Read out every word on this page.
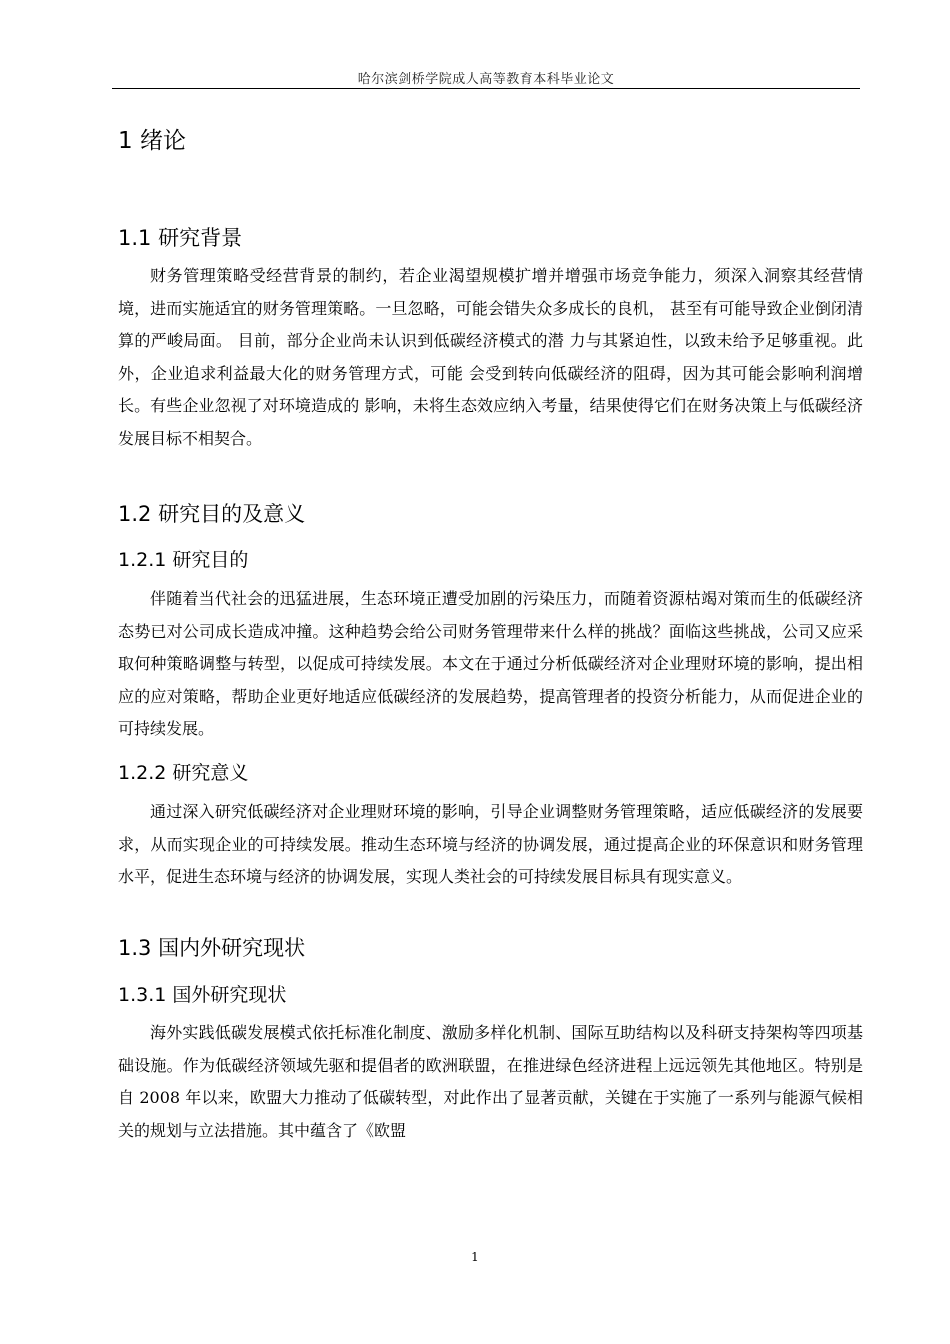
哈尔滨剑桥学院成人高等教育本科毕业论文
1 绪论
1.1 研究背景
财务管理策略受经营背景的制约，若企业渴望规模扩增并增强市场竞争能力，须深入洞察其经营情境，进而实施适宜的财务管理策略。一旦忽略，可能会错失众多成长的良机， 甚至有可能导致企业倒闭清算的严峻局面。 目前，部分企业尚未认识到低碳经济模式的潜 力与其紧迫性，以致未给予足够重视。此外，企业追求利益最大化的财务管理方式，可能 会受到转向低碳经济的阻碍，因为其可能会影响利润增长。有些企业忽视了对环境造成的 影响，未将生态效应纳入考量，结果使得它们在财务决策上与低碳经济发展目标不相契合。
1.2 研究目的及意义
1.2.1 研究目的
伴随着当代社会的迅猛进展，生态环境正遭受加剧的污染压力，而随着资源枯竭对策而生的低碳经济态势已对公司成长造成冲撞。这种趋势会给公司财务管理带来什么样的挑战？面临这些挑战，公司又应采取何种策略调整与转型，以促成可持续发展。本文在于通过分析低碳经济对企业理财环境的影响，提出相应的应对策略，帮助企业更好地适应低碳经济的发展趋势，提高管理者的投资分析能力，从而促进企业的可持续发展。
1.2.2 研究意义
通过深入研究低碳经济对企业理财环境的影响，引导企业调整财务管理策略，适应低碳经济的发展要求，从而实现企业的可持续发展。推动生态环境与经济的协调发展，通过提高企业的环保意识和财务管理水平，促进生态环境与经济的协调发展，实现人类社会的可持续发展目标具有现实意义。
1.3 国内外研究现状
1.3.1 国外研究现状
海外实践低碳发展模式依托标准化制度、激励多样化机制、国际互助结构以及科研支持架构等四项基础设施。作为低碳经济领域先驱和提倡者的欧洲联盟，在推进绿色经济进程上远远领先其他地区。特别是自 2008 年以来，欧盟大力推动了低碳转型，对此作出了显著贡献，关键在于实施了一系列与能源气候相关的规划与立法措施。其中蕴含了《欧盟
1
